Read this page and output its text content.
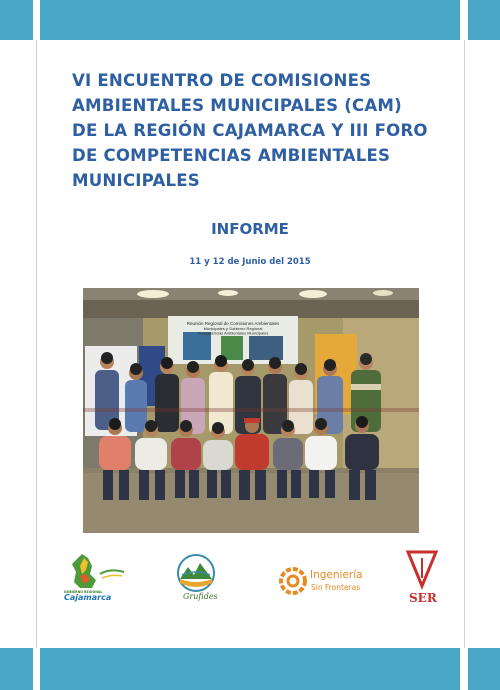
VI ENCUENTRO DE COMISIONES AMBIENTALES MUNICIPALES (CAM) DE LA REGIÓN CAJAMARCA Y III FORO DE COMPETENCIAS AMBIENTALES MUNICIPALES
INFORME
11 y 12 de Junio del 2015
Reunión Regional de Comisiones Ambientales
Municipales y Gobierno Regional
Competencias Ambientales Municipales
GOBIERNO REGIONAL
Cajamarca	Grufides
Ingeniería
Sin Fronteras
SER
